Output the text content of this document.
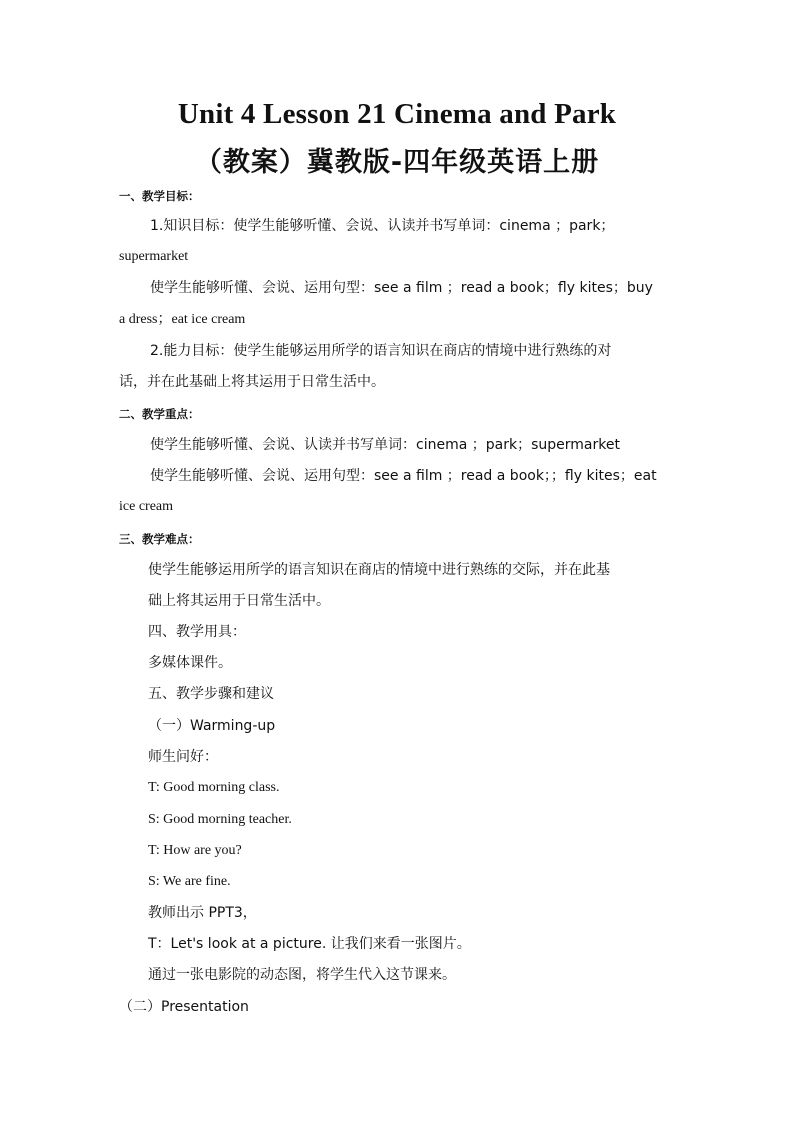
Unit 4 Lesson 21 Cinema and Park
（教案）冀教版-四年级英语上册
一、教学目标：
1.知识目标：使学生能够听懂、会说、认读并书写单词：cinema ；park；
supermarket
使学生能够听懂、会说、运用句型：see a film ；read a book；fly kites；buy
a dress；eat ice cream
2.能力目标：使学生能够运用所学的语言知识在商店的情境中进行熟练的对
话，并在此基础上将其运用于日常生活中。
二、教学重点：
使学生能够听懂、会说、认读并书写单词：cinema ；park；supermarket
使学生能够听懂、会说、运用句型：see a film ；read a book；；fly kites；eat
ice cream
三、教学难点：
使学生能够运用所学的语言知识在商店的情境中进行熟练的交际，并在此基
础上将其运用于日常生活中。
四、教学用具：
多媒体课件。
五、教学步骤和建议
（一）Warming-up
师生问好：
T: Good morning class.
S: Good morning teacher.
T: How are you?
S: We are fine.
教师出示 PPT3，
T：Let's look at a picture. 让我们来看一张图片。
通过一张电影院的动态图，将学生代入这节课来。
（二）Presentation
